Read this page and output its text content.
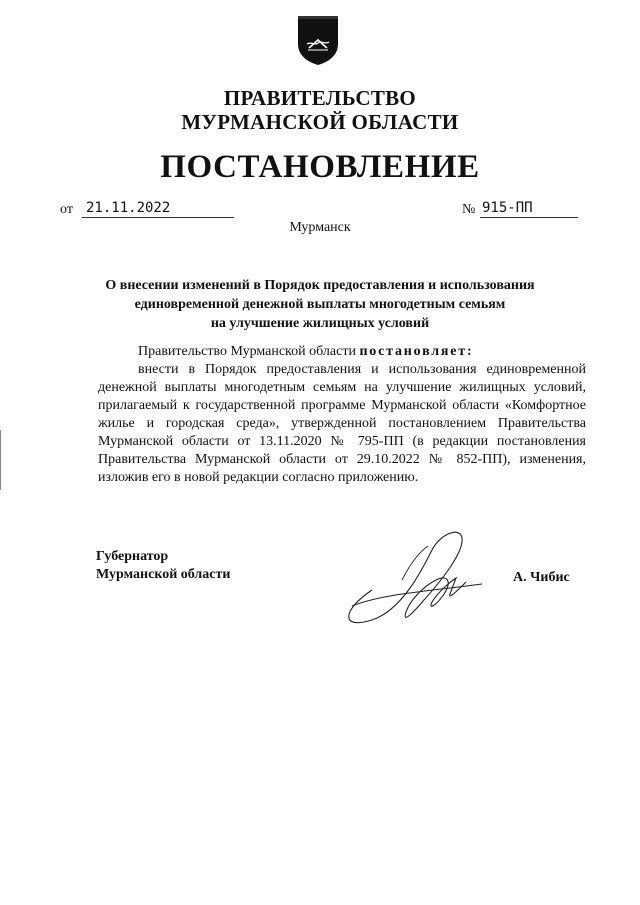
ПРАВИТЕЛЬСТВО
МУРМАНСКОЙ ОБЛАСТИ
ПОСТАНОВЛЕНИЕ
от 21.11.2022	№ 915-ПП
Мурманск
О внесении изменений в Порядок предоставления и использования
единовременной денежной выплаты многодетным семьям
на улучшение жилищных условий
Правительство Мурманской области постановляет:
внести в Порядок предоставления и использования единовременной денежной выплаты многодетным семьям на улучшение жилищных условий, прилагаемый к государственной программе Мурманской области «Комфортное жилье и городская среда», утвержденной постановлением Правительства Мурманской области от 13.11.2020 № 795-ПП (в редакции постановления Правительства Мурманской области от 29.10.2022 № 852-ПП), изменения, изложив его в новой редакции согласно приложению.
Губернатор
Мурманской области	А. Чибис
